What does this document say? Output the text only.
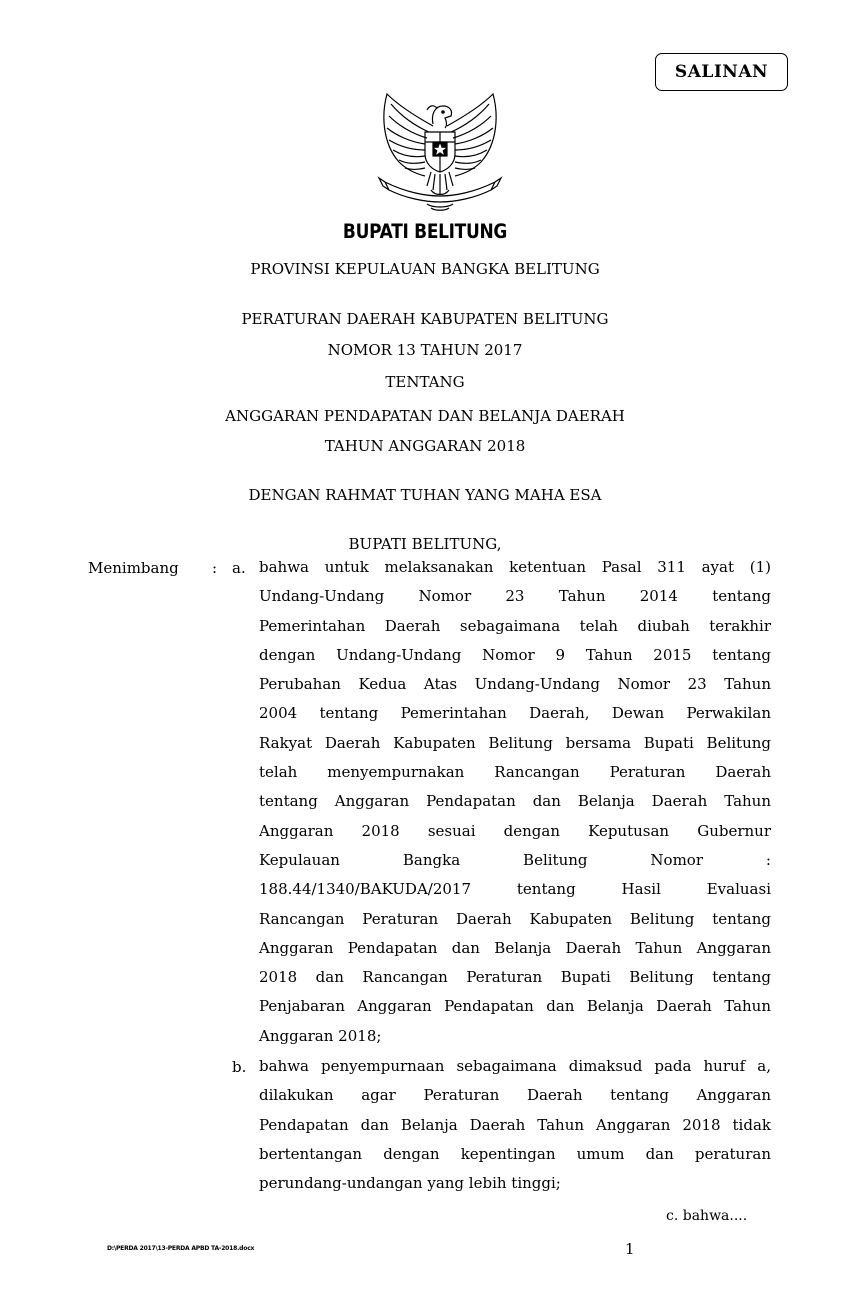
SALINAN
BUPATI BELITUNG
PROVINSI KEPULAUAN BANGKA BELITUNG
PERATURAN DAERAH KABUPATEN BELITUNG
NOMOR 13 TAHUN 2017
TENTANG
ANGGARAN PENDAPATAN DAN BELANJA DAERAH
TAHUN ANGGARAN 2018
DENGAN RAHMAT TUHAN YANG MAHA ESA
BUPATI BELITUNG,
Menimbang : a. bahwa untuk melaksanakan ketentuan Pasal 311 ayat (1)
Undang-Undang Nomor 23 Tahun 2014 tentang
Pemerintahan Daerah sebagaimana telah diubah terakhir
dengan Undang-Undang Nomor 9 Tahun 2015 tentang
Perubahan Kedua Atas Undang-Undang Nomor 23 Tahun
2004 tentang Pemerintahan Daerah, Dewan Perwakilan
Rakyat Daerah Kabupaten Belitung bersama Bupati Belitung
telah menyempurnakan Rancangan Peraturan Daerah
tentang Anggaran Pendapatan dan Belanja Daerah Tahun
Anggaran 2018 sesuai dengan Keputusan Gubernur
Kepulauan Bangka Belitung Nomor :
188.44/1340/BAKUDA/2017 tentang Hasil Evaluasi
Rancangan Peraturan Daerah Kabupaten Belitung tentang
Anggaran Pendapatan dan Belanja Daerah Tahun Anggaran
2018 dan Rancangan Peraturan Bupati Belitung tentang
Penjabaran Anggaran Pendapatan dan Belanja Daerah Tahun
Anggaran 2018;
b. bahwa penyempurnaan sebagaimana dimaksud pada huruf a,
dilakukan agar Peraturan Daerah tentang Anggaran
Pendapatan dan Belanja Daerah Tahun Anggaran 2018 tidak
bertentangan dengan kepentingan umum dan peraturan
perundang-undangan yang lebih tinggi;
c. bahwa....
D:\PERDA 2017\13-PERDA APBD TA-2018.docx	1
